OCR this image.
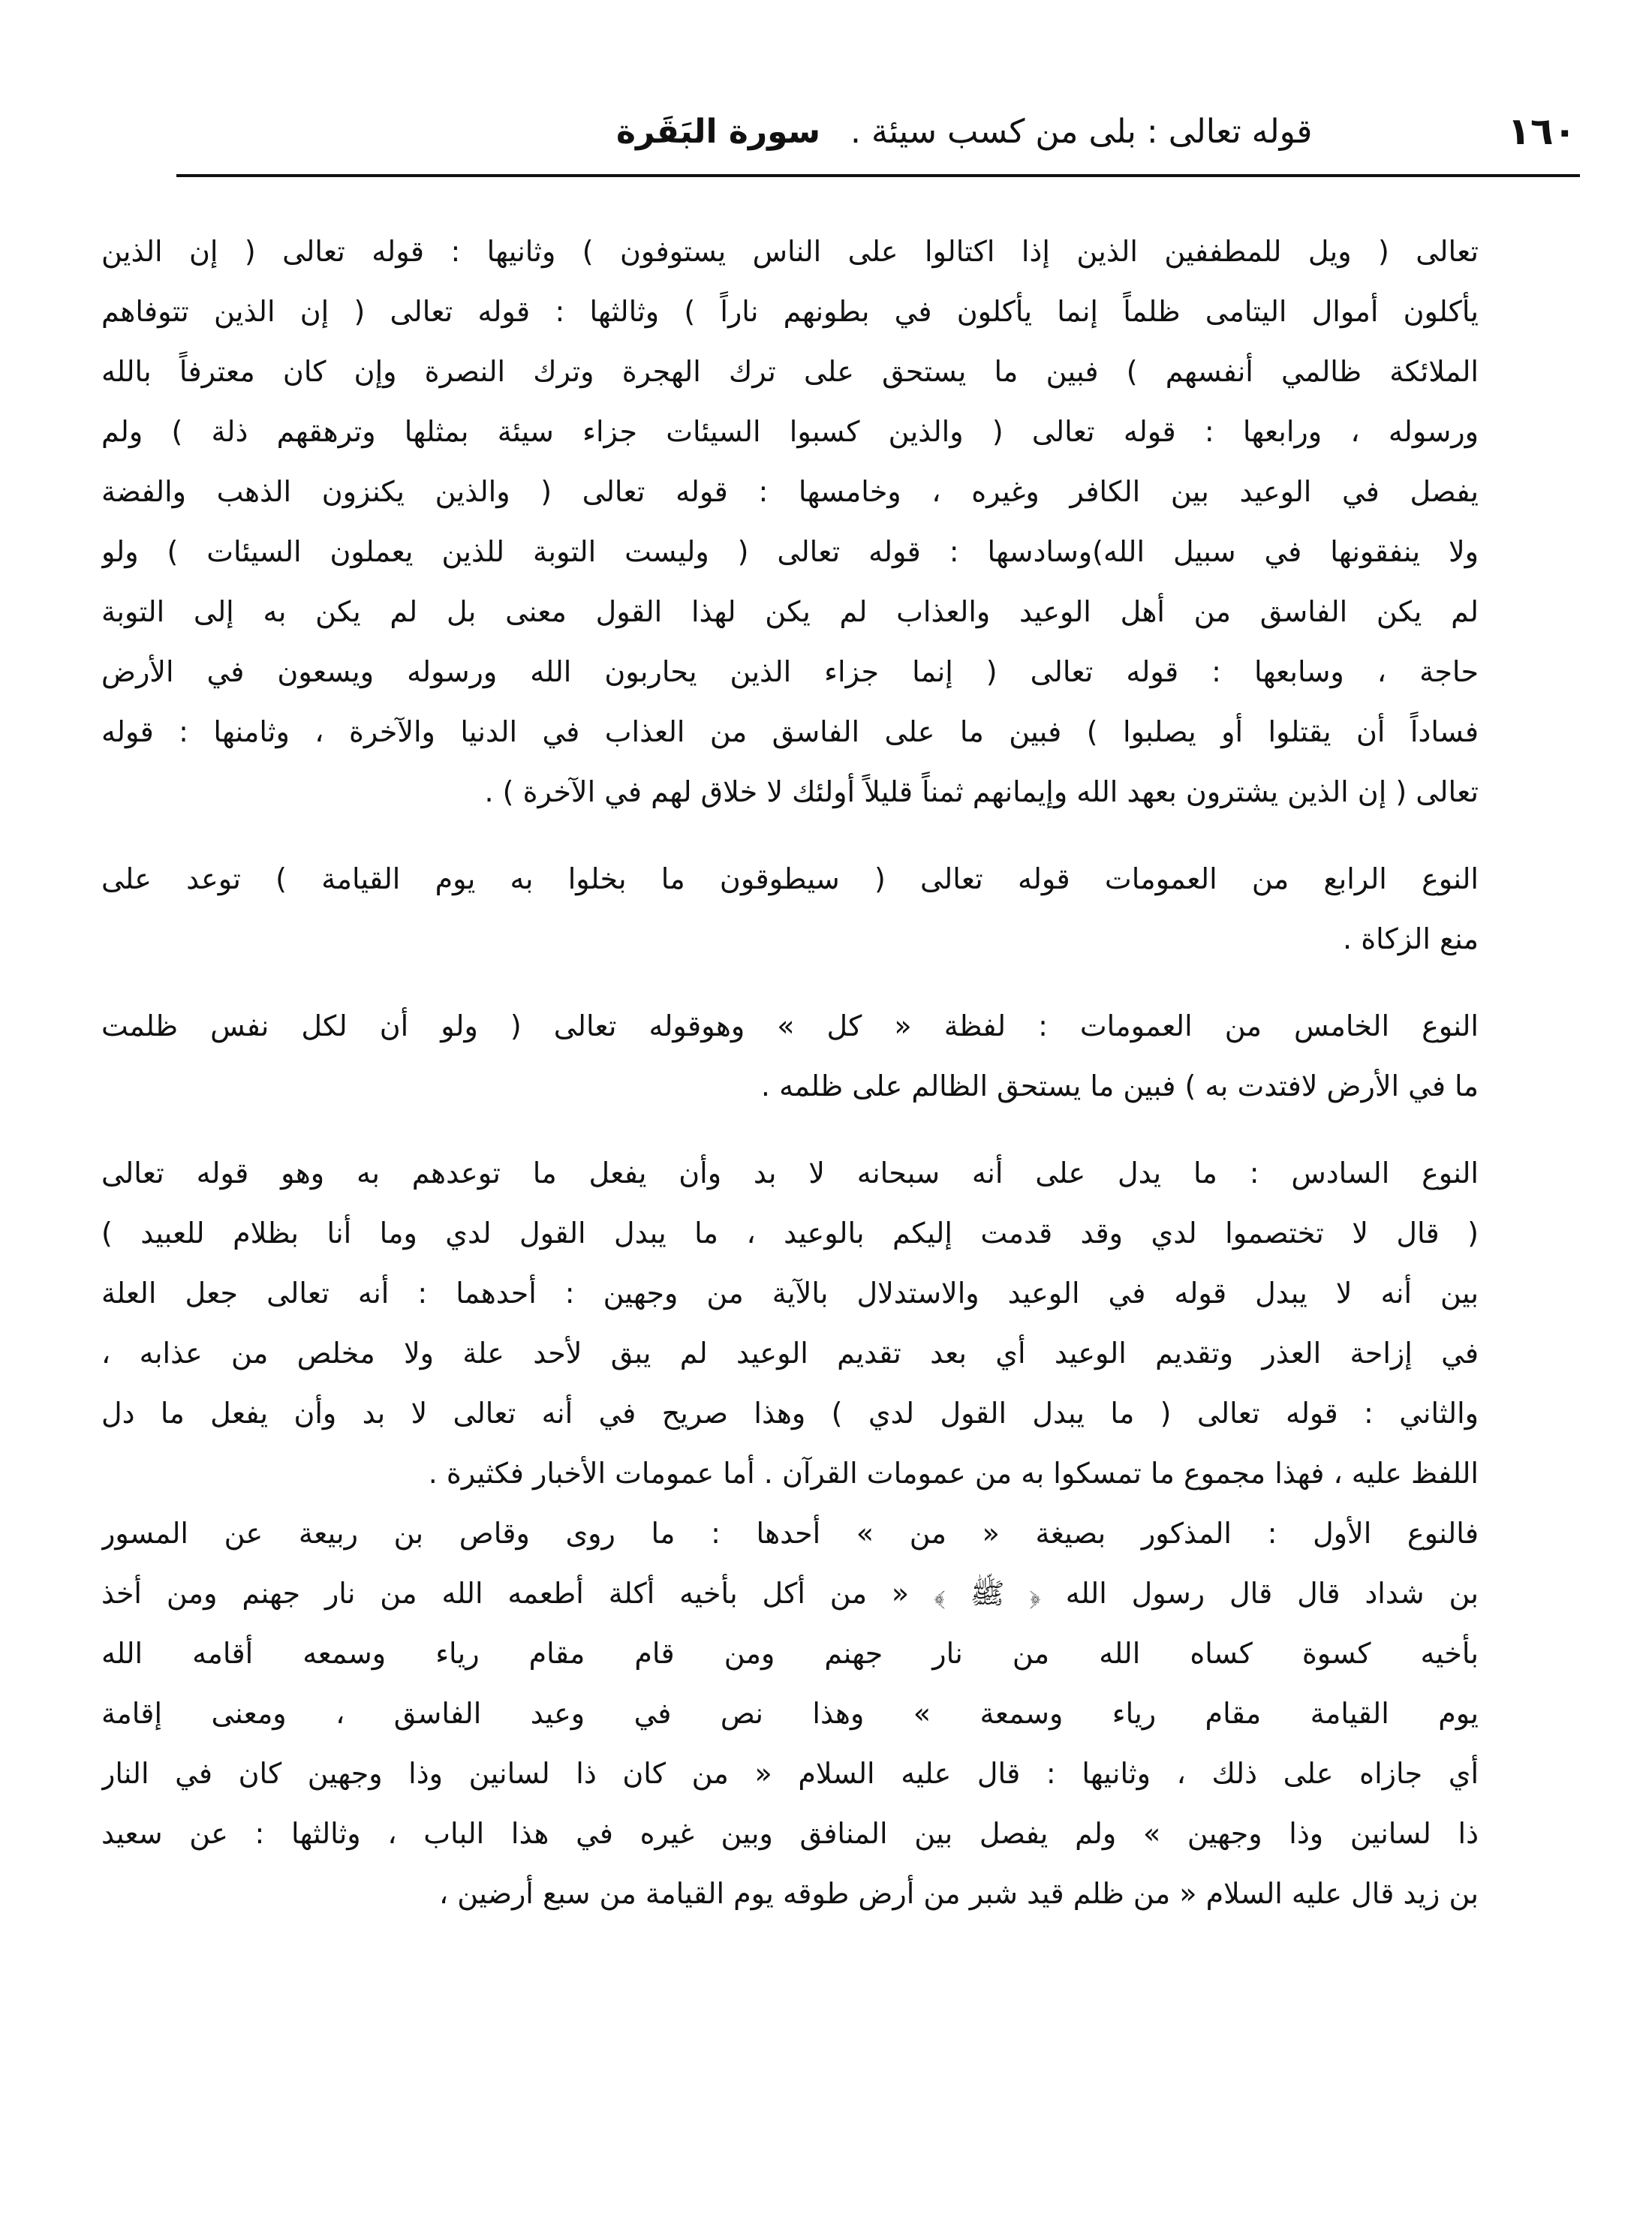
١٦٠
قوله تعالى : بلى من كسب سيئة .
سورة البَقَرة
تعالى ( ويل للمطففين الذين إذا اكتالوا على الناس يستوفون ) وثانيها : قوله تعالى ( إن الذين
يأكلون أموال اليتامى ظلماً إنما يأكلون في بطونهم ناراً ) وثالثها : قوله تعالى ( إن الذين تتوفاهم
الملائكة ظالمي أنفسهم ) فبين ما يستحق على ترك الهجرة وترك النصرة وإن كان معترفاً بالله
ورسوله ، ورابعها : قوله تعالى ( والذين كسبوا السيئات جزاء سيئة بمثلها وترهقهم ذلة ) ولم
يفصل في الوعيد بين الكافر وغيره ، وخامسها : قوله تعالى ( والذين يكنزون الذهب والفضة
ولا ينفقونها في سبيل الله)وسادسها : قوله تعالى ( وليست التوبة للذين يعملون السيئات ) ولو
لم يكن الفاسق من أهل الوعيد والعذاب لم يكن لهذا القول معنى بل لم يكن به إلى التوبة
حاجة ، وسابعها : قوله تعالى ( إنما جزاء الذين يحاربون الله ورسوله ويسعون في الأرض
فساداً أن يقتلوا أو يصلبوا ) فبين ما على الفاسق من العذاب في الدنيا والآخرة ، وثامنها : قوله
تعالى ( إن الذين يشترون بعهد الله وإيمانهم ثمناً قليلاً أولئك لا خلاق لهم في الآخرة ) .
النوع الرابع من العمومات قوله تعالى ( سيطوقون ما بخلوا به يوم القيامة ) توعد على
منع الزكاة .
النوع الخامس من العمومات : لفظة « كل » وهوقوله تعالى ( ولو أن لكل نفس ظلمت
ما في الأرض لافتدت به ) فبين ما يستحق الظالم على ظلمه .
النوع السادس : ما يدل على أنه سبحانه لا بد وأن يفعل ما توعدهم به وهو قوله تعالى
( قال لا تختصموا لدي وقد قدمت إليكم بالوعيد ، ما يبدل القول لدي وما أنا بظلام للعبيد )
بين أنه لا يبدل قوله في الوعيد والاستدلال بالآية من وجهين : أحدهما : أنه تعالى جعل العلة
في إزاحة العذر وتقديم الوعيد أي بعد تقديم الوعيد لم يبق لأحد علة ولا مخلص من عذابه ،
والثاني : قوله تعالى ( ما يبدل القول لدي ) وهذا صريح في أنه تعالى لا بد وأن يفعل ما دل
اللفظ عليه ، فهذا مجموع ما تمسكوا به من عمومات القرآن . أما عمومات الأخبار فكثيرة .
فالنوع الأول : المذكور بصيغة « من » أحدها : ما روى وقاص بن ربيعة عن المسور
بن شداد قال قال رسول الله ﴿ ﷺ ﴾ « من أكل بأخيه أكلة أطعمه الله من نار جهنم ومن أخذ
بأخيه كسوة كساه الله من نار جهنم ومن قام مقام رياء وسمعه أقامه الله
يوم القيامة مقام رياء وسمعة » وهذا نص في وعيد الفاسق ، ومعنى إقامة
أي جازاه على ذلك ، وثانيها : قال عليه السلام « من كان ذا لسانين وذا وجهين كان في النار
ذا لسانين وذا وجهين » ولم يفصل بين المنافق وبين غيره في هذا الباب ، وثالثها : عن سعيد
بن زيد قال عليه السلام « من ظلم قيد شبر من أرض طوقه يوم القيامة من سبع أرضين ،
